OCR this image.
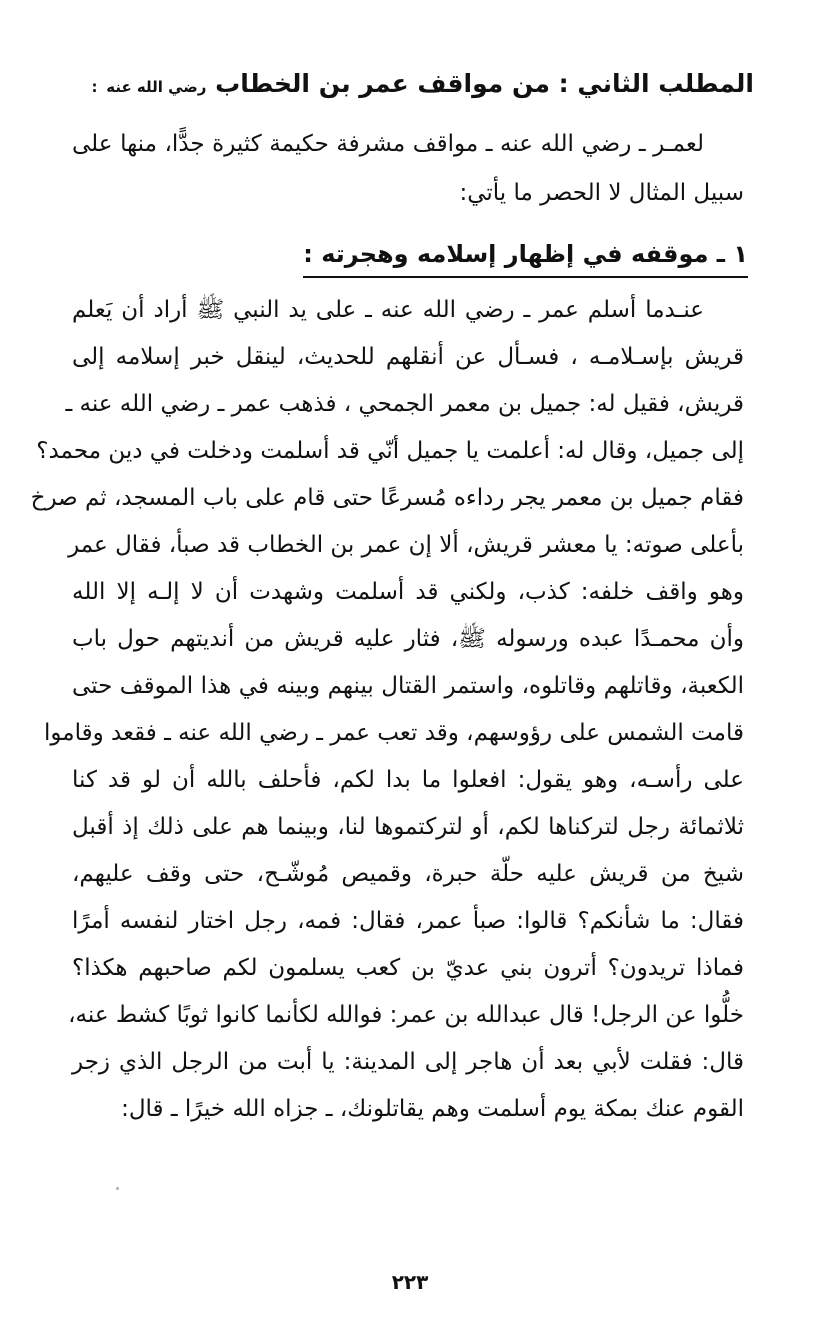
المطلب الثاني : من مواقف عمر بن الخطاب رضي الله عنه :
لعمـر ـ رضي الله عنه ـ مواقف مشرفة حكيمة كثيرة جدًّا، منها على
سبيل المثال لا الحصر ما يأتي:
١ ـ موقفه في إظهار إسلامه وهجرته :
عنـدما أسلم عمر ـ رضي الله عنه ـ على يد النبي ﷺ أراد أن يَعلم
قريش بإسـلامـه ، فسـأل عن أنقلهم للحديث، لينقل خبر إسلامه إلى
قريش، فقيل له: جميل بن معمر الجمحي ، فذهب عمر ـ رضي الله عنه ـ
إلى جميل، وقال له: أعلمت يا جميل أنّي قد أسلمت ودخلت في دين محمد؟
فقام جميل بن معمر يجر رداءه مُسرعًا حتى قام على باب المسجد، ثم صرخ
بأعلى صوته: يا معشر قريش، ألا إن عمر بن الخطاب قد صبأ، فقال عمر
وهو واقف خلفه: كذب، ولكني قد أسلمت وشهدت أن لا إلـه إلا الله
وأن محمـدًا عبده ورسوله ﷺ، فثار عليه قريش من أنديتهم حول باب
الكعبة، وقاتلهم وقاتلوه، واستمر القتال بينهم وبينه في هذا الموقف حتى
قامت الشمس على رؤوسهم، وقد تعب عمر ـ رضي الله عنه ـ فقعد وقاموا
على رأسـه، وهو يقول: افعلوا ما بدا لكم، فأحلف بالله أن لو قد كنا
ثلاثمائة رجل لتركناها لكم، أو لتركتموها لنا، وبينما هم على ذلك إذ أقبل
شيخ من قريش عليه حلّة حبرة، وقميص مُوشّـح، حتى وقف عليهم،
فقال: ما شأنكم؟ قالوا: صبأ عمر، فقال: فمه، رجل اختار لنفسه أمرًا
فماذا تريدون؟ أترون بني عديّ بن كعب يسلمون لكم صاحبهم هكذا؟
خلُّوا عن الرجل! قال عبدالله بن عمر: فوالله لكأنما كانوا ثوبًا كشط عنه،
قال: فقلت لأبي بعد أن هاجر إلى المدينة: يا أبت من الرجل الذي زجر
القوم عنك بمكة يوم أسلمت وهم يقاتلونك، ـ جزاه الله خيرًا ـ قال:
٢٢٣
